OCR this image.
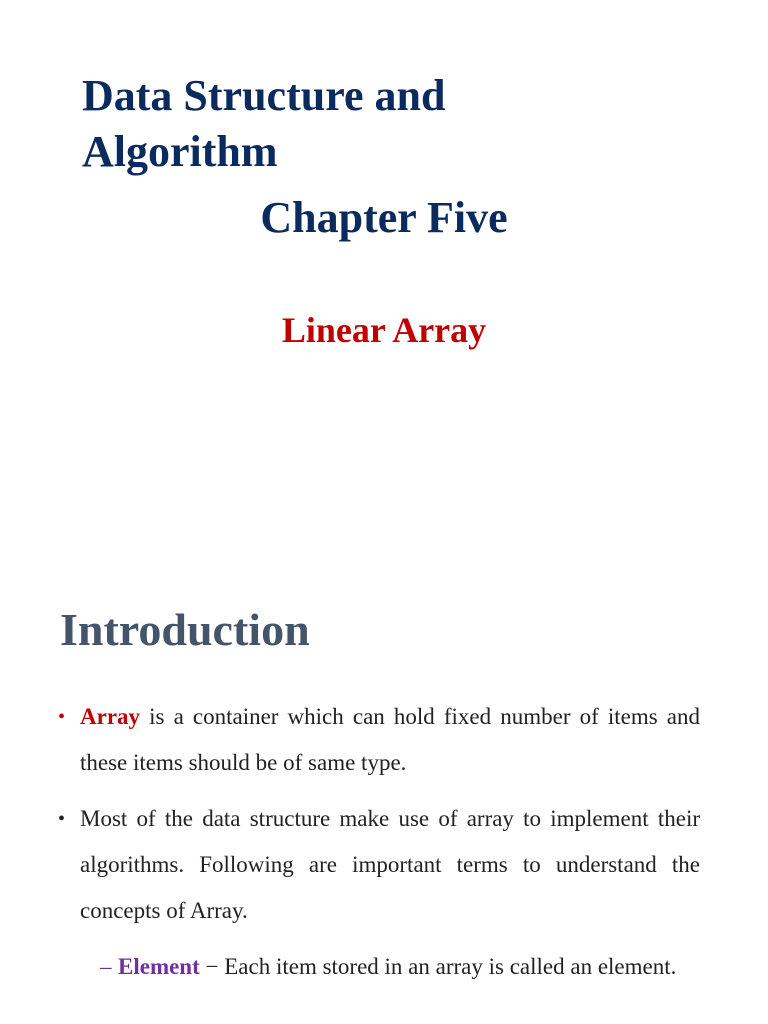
Data Structure and Algorithm
Chapter Five
Linear Array
Introduction
• Array is a container which can hold fixed number of items and these items should be of same type.
• Most of the data structure make use of array to implement their algorithms. Following are important terms to understand the concepts of Array.
– Element − Each item stored in an array is called an element.
